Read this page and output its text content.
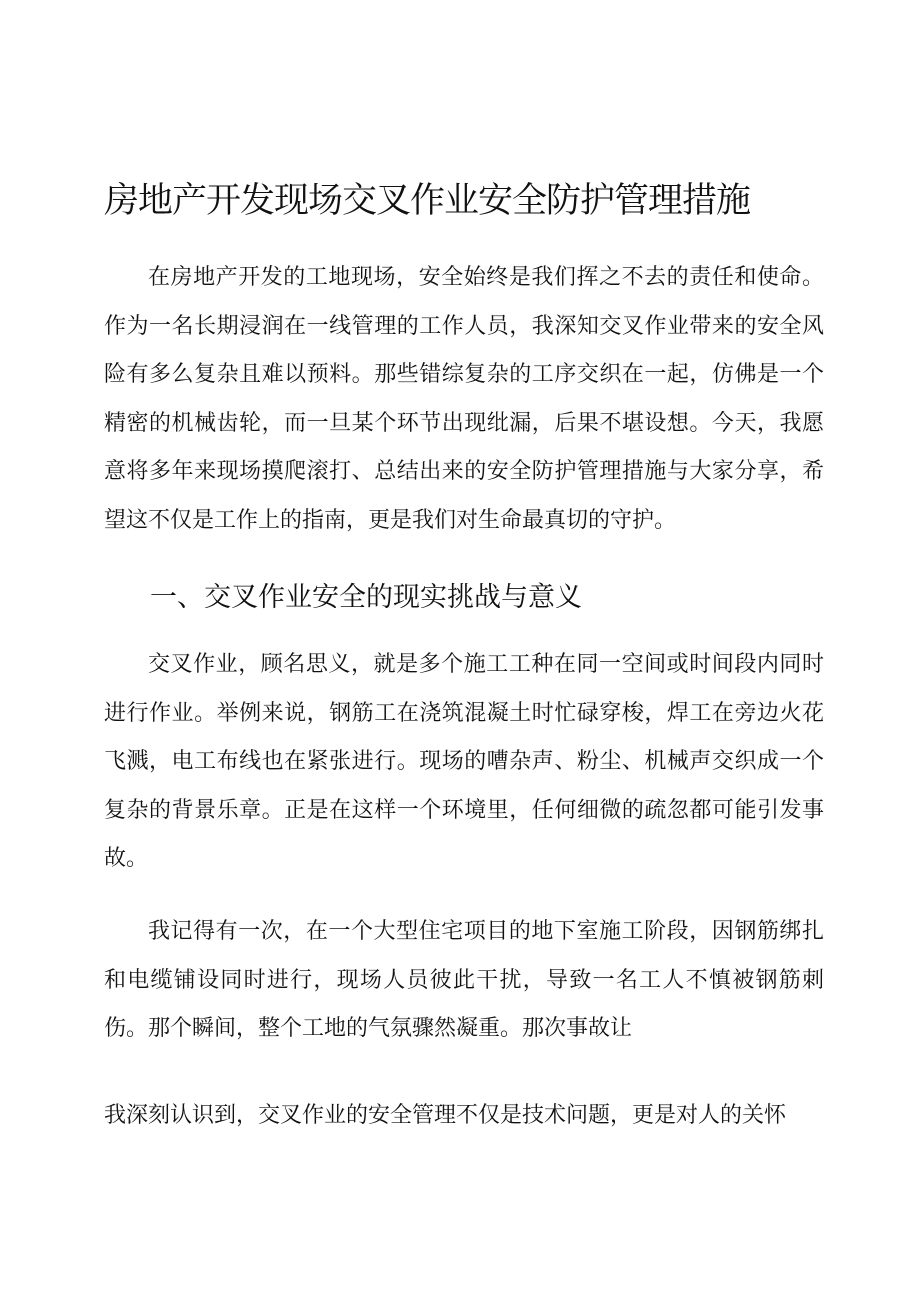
房地产开发现场交叉作业安全防护管理措施

在房地产开发的工地现场，安全始终是我们挥之不去的责任和使命。作为一名长期浸润在一线管理的工作人员，我深知交叉作业带来的安全风险有多么复杂且难以预料。那些错综复杂的工序交织在一起，仿佛是一个精密的机械齿轮，而一旦某个环节出现纰漏，后果不堪设想。今天，我愿意将多年来现场摸爬滚打、总结出来的安全防护管理措施与大家分享，希望这不仅是工作上的指南，更是我们对生命最真切的守护。

一、交叉作业安全的现实挑战与意义

交叉作业，顾名思义，就是多个施工工种在同一空间或时间段内同时进行作业。举例来说，钢筋工在浇筑混凝土时忙碌穿梭，焊工在旁边火花飞溅，电工布线也在紧张进行。现场的嘈杂声、粉尘、机械声交织成一个复杂的背景乐章。正是在这样一个环境里，任何细微的疏忽都可能引发事故。

我记得有一次，在一个大型住宅项目的地下室施工阶段，因钢筋绑扎和电缆铺设同时进行，现场人员彼此干扰，导致一名工人不慎被钢筋刺伤。那个瞬间，整个工地的气氛骤然凝重。那次事故让

我深刻认识到，交叉作业的安全管理不仅是技术问题，更是对人的关怀
